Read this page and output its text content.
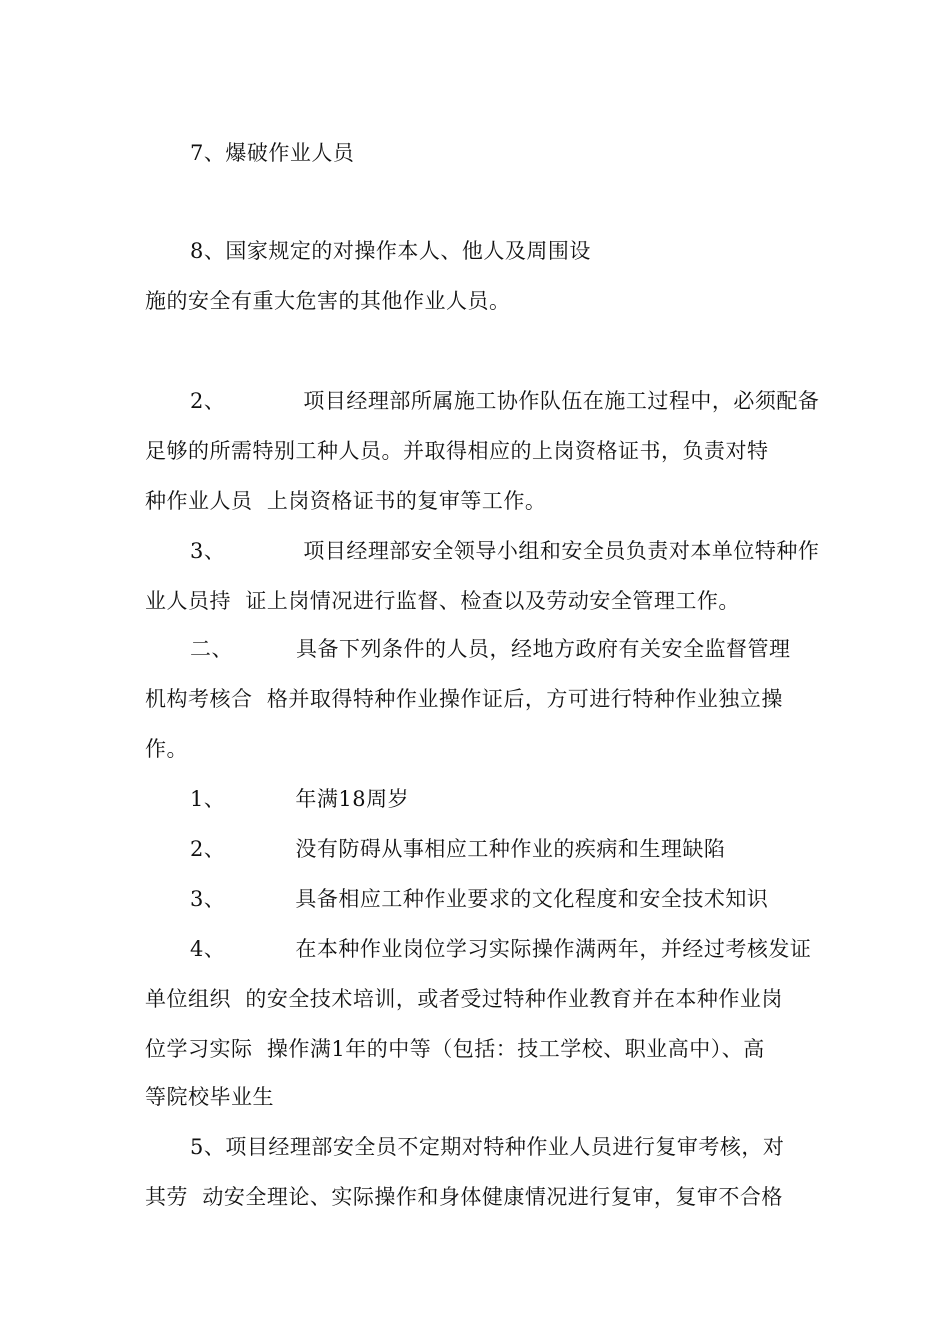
7、爆破作业人员
8、国家规定的对操作本人、他人及周围设
施的安全有重大危害的其他作业人员。
2、	项目经理部所属施工协作队伍在施工过程中，必须配备
足够的所需特别工种人员。并取得相应的上岗资格证书，负责对特
种作业人员  上岗资格证书的复审等工作。
3、	项目经理部安全领导小组和安全员负责对本单位特种作
业人员持  证上岗情况进行监督、检查以及劳动安全管理工作。
二、	具备下列条件的人员，经地方政府有关安全监督管理
机构考核合  格并取得特种作业操作证后，方可进行特种作业独立操
作。
1、	年满18周岁
2、	没有防碍从事相应工种作业的疾病和生理缺陷
3、	具备相应工种作业要求的文化程度和安全技术知识
4、	在本种作业岗位学习实际操作满两年，并经过考核发证
单位组织  的安全技术培训，或者受过特种作业教育并在本种作业岗
位学习实际  操作满1年的中等（包括：技工学校、职业高中）、高
等院校毕业生
5、项目经理部安全员不定期对特种作业人员进行复审考核，对
其劳  动安全理论、实际操作和身体健康情况进行复审，复审不合格
